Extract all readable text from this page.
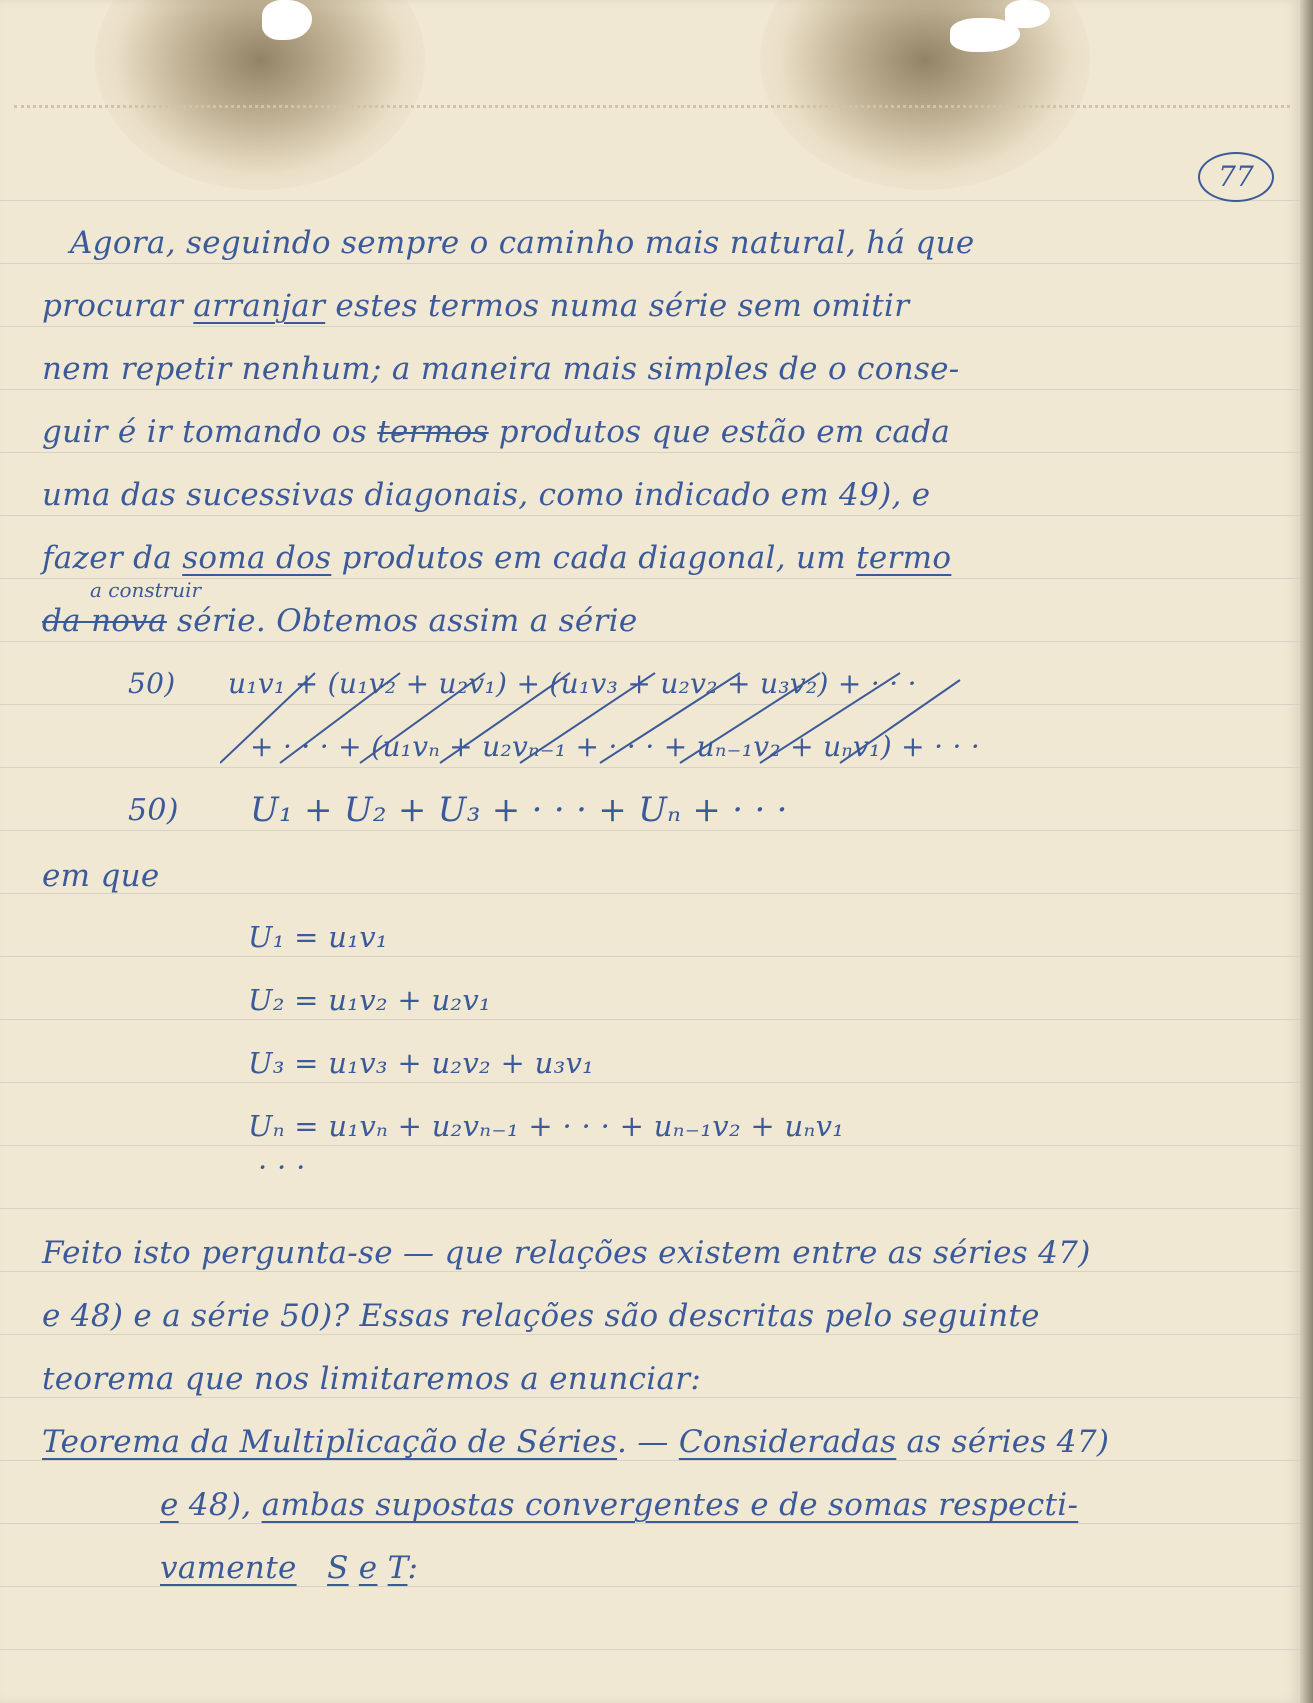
77
Agora, seguindo sempre o caminho mais natural, há que
procurar arranjar estes termos numa série sem omitir
nem repetir nenhum; a maneira mais simples de o conse-
guir é ir tomando os termos produtos que estão em cada
uma das sucessivas diagonais, como indicado em 49), e
fazer da soma dos produtos em cada diagonal, um termo
a construir
da nova série. Obtemos assim a série
50) u₁v₁ + (u₁v₂ + u₂v₁) + (u₁v₃ + u₂v₂ + u₃v₂) + · · ·
+ · · · + (u₁vₙ + u₂vₙ₋₁ + · · · + uₙ₋₁v₂ + uₙv₁) + · · ·
50) U₁ + U₂ + U₃ + · · · + Uₙ + · · ·
em que
U₁ = u₁v₁
U₂ = u₁v₂ + u₂v₁
U₃ = u₁v₃ + u₂v₂ + u₃v₁
Uₙ = u₁vₙ + u₂vₙ₋₁ + · · · + uₙ₋₁v₂ + uₙv₁
· · ·
Feito isto pergunta-se — que relações existem entre as séries 47)
e 48) e a série 50)? Essas relações são descritas pelo seguinte
teorema que nos limitaremos a enunciar:
Teorema da Multiplicação de Séries. — Consideradas as séries 47)
e 48), ambas supostas convergentes e de somas respecti-
vamente S e T:
